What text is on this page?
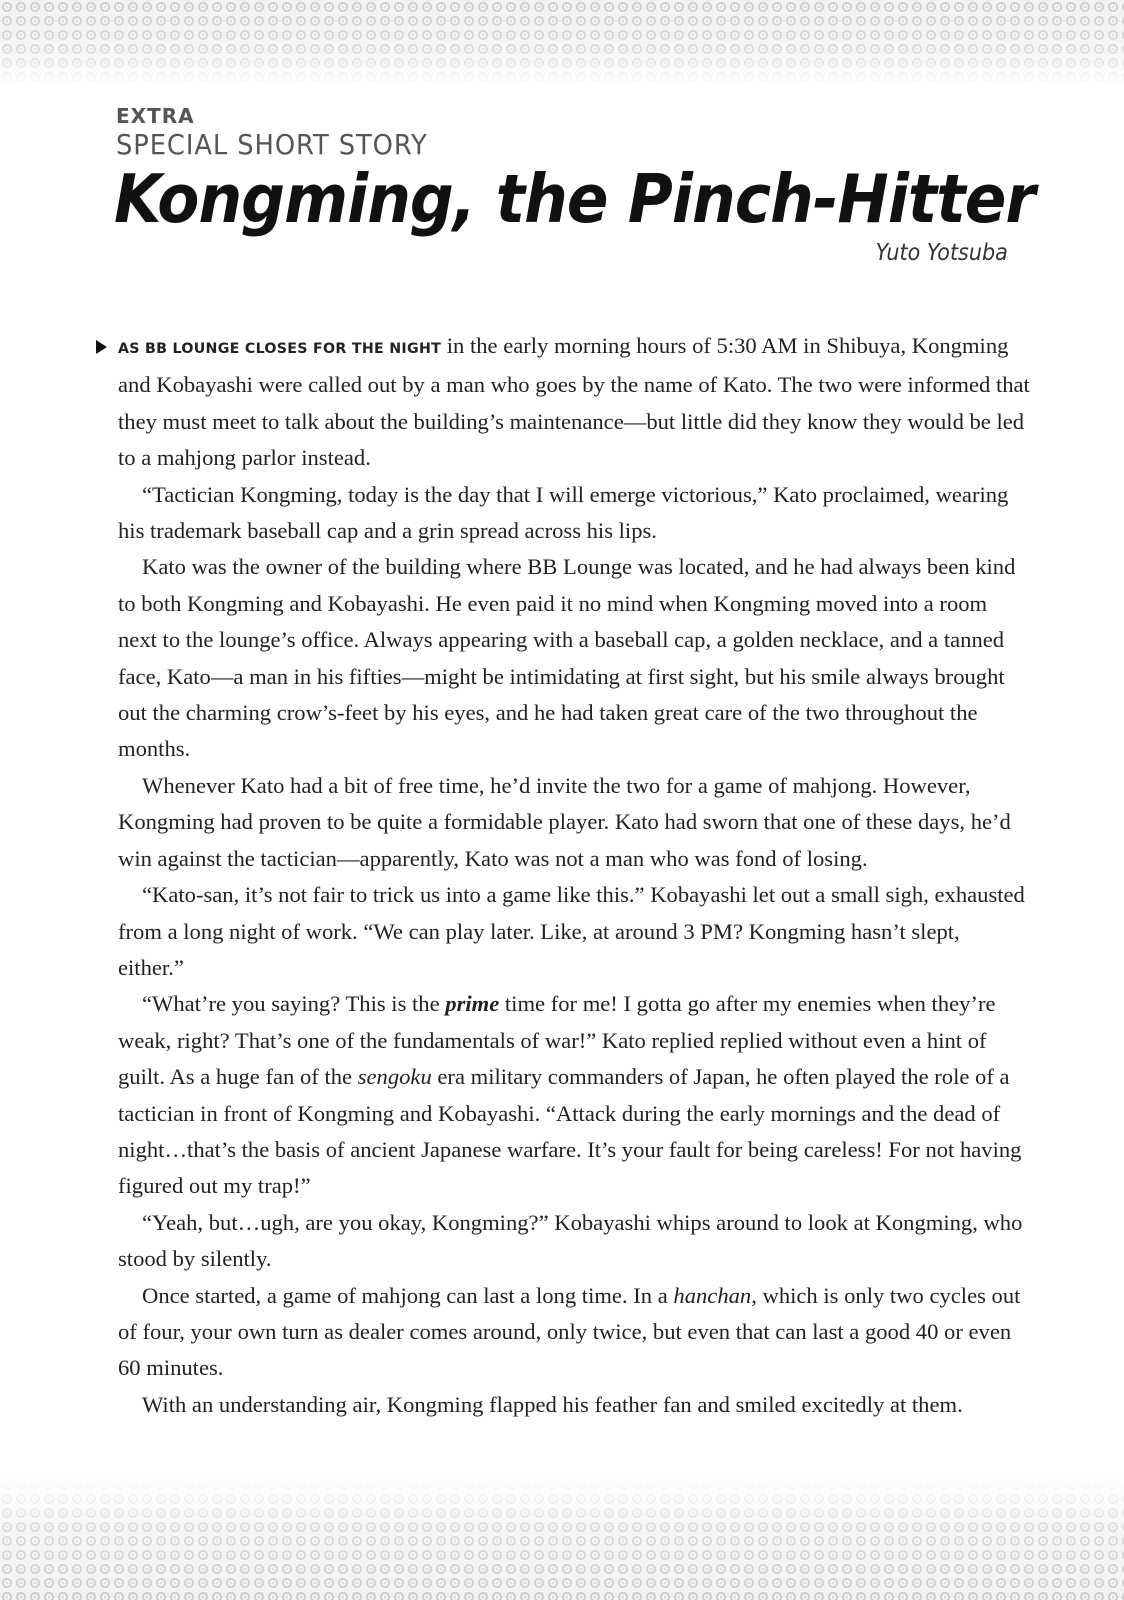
EXTRA
SPECIAL SHORT STORY
Kongming, the Pinch-Hitter
Yuto Yotsuba

AS BB LOUNGE CLOSES FOR THE NIGHT in the early morning hours of 5:30 AM in Shibuya, Kongming and Kobayashi were called out by a man who goes by the name of Kato. The two were informed that they must meet to talk about the building’s maintenance—but little did they know they would be led to a mahjong parlor instead.

“Tactician Kongming, today is the day that I will emerge victorious,” Kato proclaimed, wearing his trademark baseball cap and a grin spread across his lips.

Kato was the owner of the building where BB Lounge was located, and he had always been kind to both Kongming and Kobayashi. He even paid it no mind when Kongming moved into a room next to the lounge’s office. Always appearing with a baseball cap, a golden necklace, and a tanned face, Kato—a man in his fifties—might be intimidating at first sight, but his smile always brought out the charming crow’s-feet by his eyes, and he had taken great care of the two throughout the months.

Whenever Kato had a bit of free time, he’d invite the two for a game of mahjong. However, Kongming had proven to be quite a formidable player. Kato had sworn that one of these days, he’d win against the tactician—apparently, Kato was not a man who was fond of losing.

“Kato-san, it’s not fair to trick us into a game like this.” Kobayashi let out a small sigh, exhausted from a long night of work. “We can play later. Like, at around 3 PM? Kongming hasn’t slept, either.”

“What’re you saying? This is the prime time for me! I gotta go after my enemies when they’re weak, right? That’s one of the fundamentals of war!” Kato replied replied without even a hint of guilt. As a huge fan of the sengoku era military commanders of Japan, he often played the role of a tactician in front of Kongming and Kobayashi. “Attack during the early mornings and the dead of night…that’s the basis of ancient Japanese warfare. It’s your fault for being careless! For not having figured out my trap!”

“Yeah, but…ugh, are you okay, Kongming?” Kobayashi whips around to look at Kongming, who stood by silently.

Once started, a game of mahjong can last a long time. In a hanchan, which is only two cycles out of four, your own turn as dealer comes around, only twice, but even that can last a good 40 or even 60 minutes.

With an understanding air, Kongming flapped his feather fan and smiled excitedly at them.
